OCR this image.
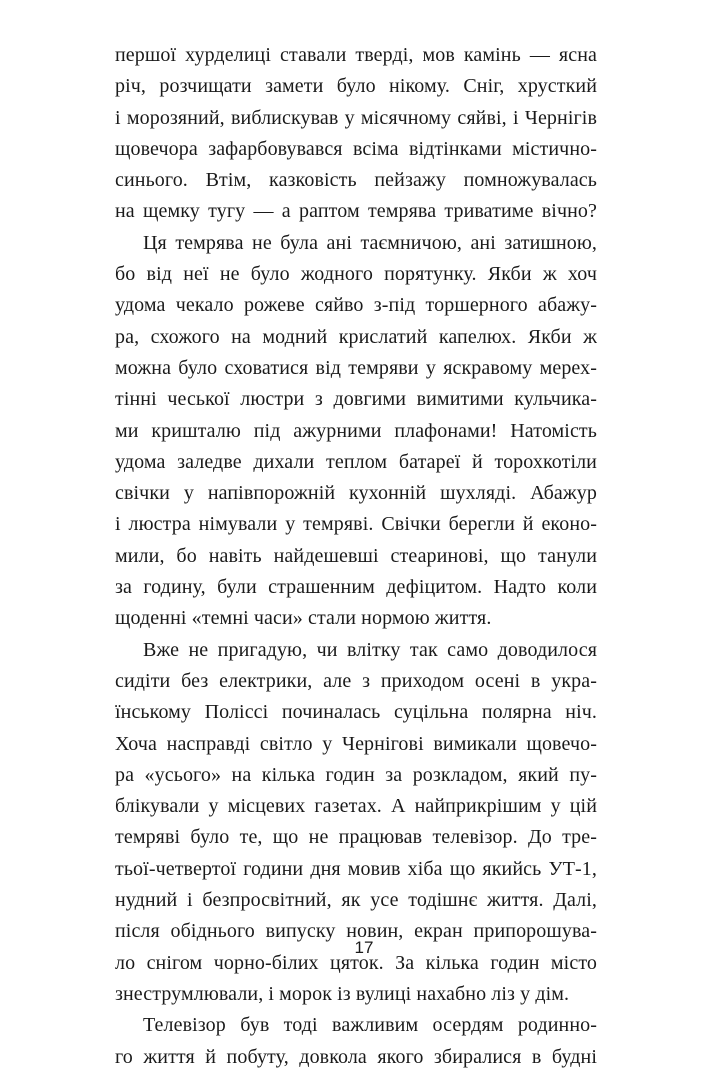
першої хурделиці ставали тверді, мов камінь — ясна
річ, розчищати замети було нікому. Сніг, хрусткий
і морозяний, виблискував у місячному сяйві, і Чернігів
щовечора зафарбовувався всіма відтінками містично-
синього. Втім, казковість пейзажу помножувалась
на щемку тугу — а раптом темрява триватиме вічно?
Ця темрява не була ані таємничою, ані затишною,
бо від неї не було жодного порятунку. Якби ж хоч
удома чекало рожеве сяйво з-під торшерного абажу-
ра, схожого на модний крислатий капелюх. Якби ж
можна було сховатися від темряви у яскравому мерех-
тінні чеської люстри з довгими вимитими кульчика-
ми кришталю під ажурними плафонами! Натомість
удома заледве дихали теплом батареї й торохкотіли
свічки у напівпорожній кухонній шухляді. Абажур
і люстра німували у темряві. Свічки берегли й еконо-
мили, бо навіть найдешевші стеаринові, що танули
за годину, були страшенним дефіцитом. Надто коли
щоденні «темні часи» стали нормою життя.
Вже не пригадую, чи влітку так само доводилося
сидіти без електрики, але з приходом осені в укра-
їнському Поліссі починалась суцільна полярна ніч.
Хоча насправді світло у Чернігові вимикали щовечо-
ра «усього» на кілька годин за розкладом, який пу-
блікували у місцевих газетах. А найприкрішим у цій
темряві було те, що не працював телевізор. До тре-
тьої-четвертої години дня мовив хіба що якийсь УТ-1,
нудний і безпросвітний, як усе тодішнє життя. Далі,
після обіднього випуску новин, екран припорошува-
ло снігом чорно-білих цяток. За кілька годин місто
знеструмлювали, і морок із вулиці нахабно ліз у дім.
Телевізор був тоді важливим осердям родинно-
го життя й побуту, довкола якого збиралися в будні
17
